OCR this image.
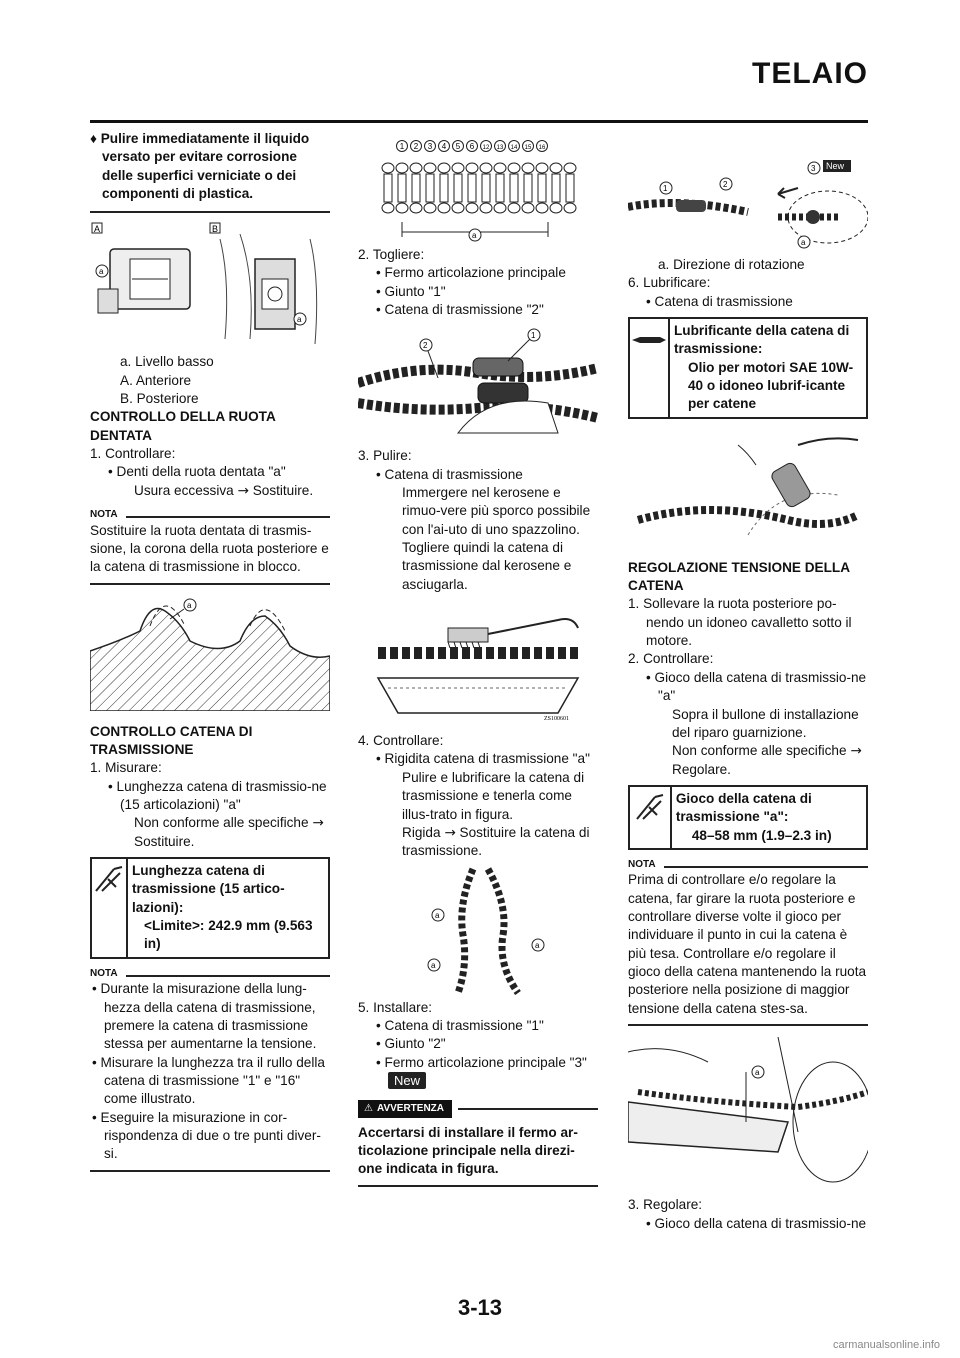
TELAIO

♦ Pulire immediatamente il liquido versato per evitare corrosione delle superfici verniciate o dei componenti di plastica.

A	B
a
a

a. Livello basso

A. Anteriore

B. Posteriore

CONTROLLO DELLA RUOTA DENTATA

1. Controllare:

• Denti della ruota dentata "a"

Usura eccessiva → Sostituire.

NOTA

Sostituire la ruota dentata di trasmis-sione, la corona della ruota posteriore e la catena di trasmissione in blocco.

a

CONTROLLO CATENA DI TRASMISSIONE

1. Misurare:

• Lunghezza catena di trasmissio-ne (15 articolazioni) "a"

Non conforme alle specifiche → Sostituire.

Lunghezza catena di trasmissione (15 artico-lazioni):
<Limite>: 242.9 mm (9.563 in)
NOTA

• Durante la misurazione della lung-hezza della catena di trasmissione, premere la catena di trasmissione stessa per aumentarne la tensione.

• Misurare la lunghezza tra il rullo della catena di trasmissione "1" e "16" come illustrato.

• Eseguire la misurazione in cor-rispondenza di due o tre punti diver-si.

1 2 3 4 5 6 12 13 14 15 16
a

2. Togliere:

• Fermo articolazione principale

• Giunto "1"

• Catena di trasmissione "2"

2
1

3. Pulire:

• Catena di trasmissione

Immergere nel kerosene e rimuo-vere più sporco possibile con l'ai-uto di uno spazzolino. Togliere quindi la catena di trasmissione dal kerosene e asciugarla.

ZS100601

4. Controllare:

• Rigidita catena di trasmissione "a"

Pulire e lubrificare la catena di trasmissione e tenerla come illus-trato in figura.

Rigida → Sostituire la catena di trasmissione.

a
a
a

5. Installare:

• Catena di trasmissione "1"

• Giunto "2"

• Fermo articolazione principale "3"

New
⚠ AVVERTENZA

Accertarsi di installare il fermo ar-ticolazione principale nella direzi-one indicata in figura.

1	2
3 New
a

a. Direzione di rotazione

6. Lubrificare:

• Catena di trasmissione

Lubrificante della catena di trasmissione:
Olio per motori SAE 10W-40 o idoneo lubrif-icante per catene

REGOLAZIONE TENSIONE DELLA CATENA

1. Sollevare la ruota posteriore po-nendo un idoneo cavalletto sotto il motore.

2. Controllare:

• Gioco della catena di trasmissio-ne "a"

Sopra il bullone di installazione del riparo guarnizione.

Non conforme alle specifiche → Regolare.

Gioco della catena di trasmissione "a":
48–58 mm (1.9–2.3 in)
NOTA

Prima di controllare e/o regolare la catena, far girare la ruota posteriore e controllare diverse volte il gioco per individuare il punto in cui la catena è più tesa. Controllare e/o regolare il gioco della catena mantenendo la ruota posteriore nella posizione di maggior tensione della catena stes-sa.

a

3. Regolare:

• Gioco della catena di trasmissio-ne

3-13
carmanualsonline.info
